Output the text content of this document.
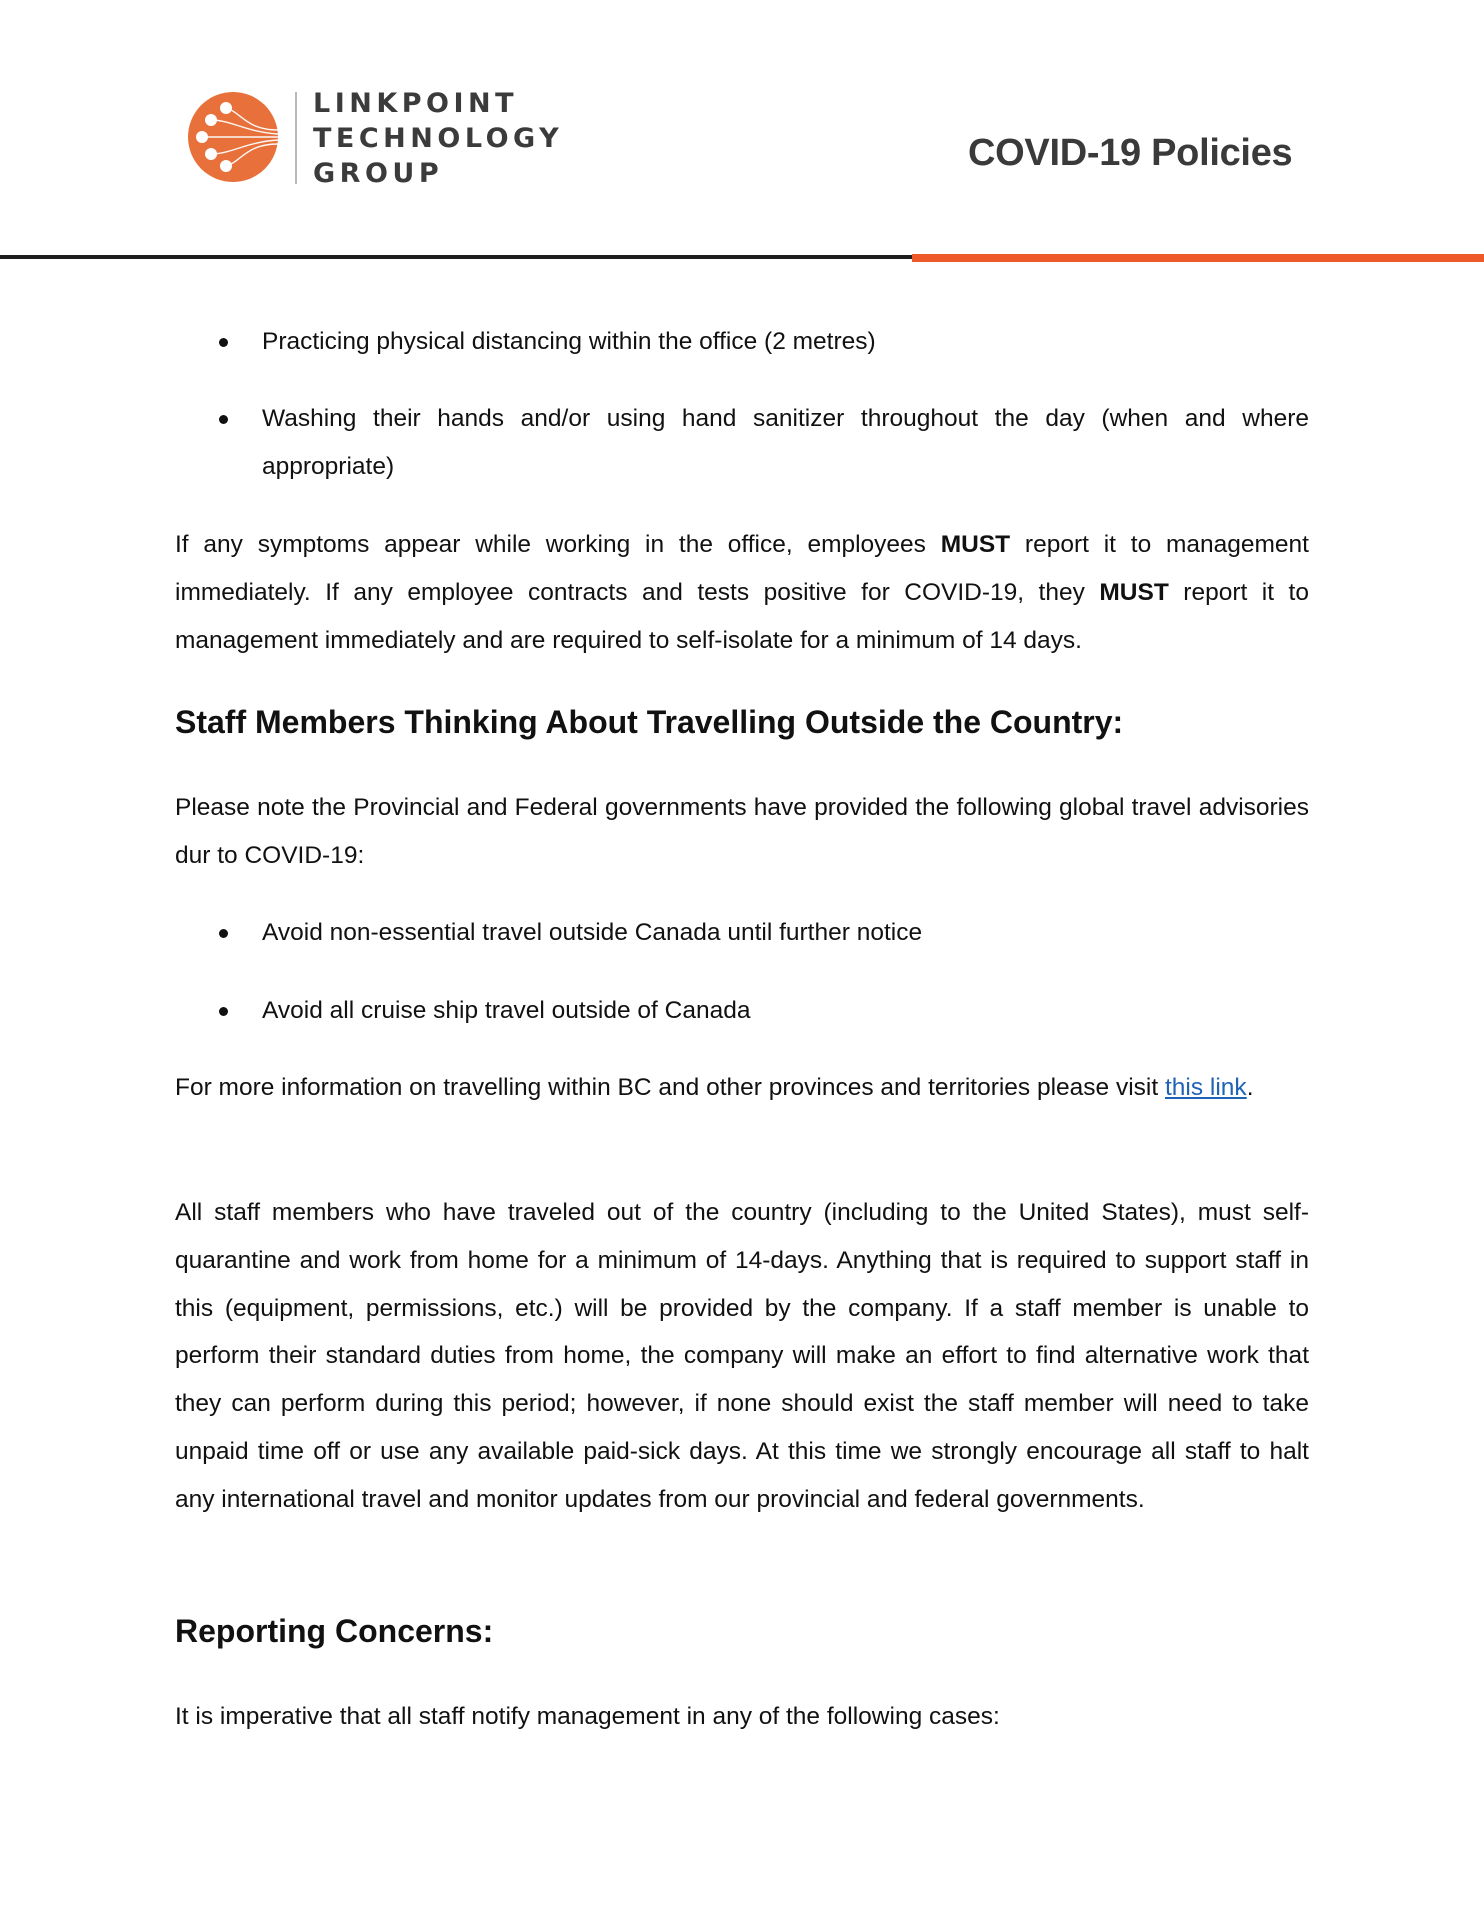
LINKPOINT
TECHNOLOGY
GROUP	COVID-19 Policies
Practicing physical distancing within the office (2 metres)
Washing their hands and/or using hand sanitizer throughout the day (when and where appropriate)

If any symptoms appear while working in the office, employees MUST report it to management immediately. If any employee contracts and tests positive for COVID-19, they MUST report it to management immediately and are required to self-isolate for a minimum of 14 days.

Staff Members Thinking About Travelling Outside the Country:

Please note the Provincial and Federal governments have provided the following global travel advisories dur to COVID-19:

Avoid non-essential travel outside Canada until further notice
Avoid all cruise ship travel outside of Canada

For more information on travelling within BC and other provinces and territories please visit this link.

All staff members who have traveled out of the country (including to the United States), must self-quarantine and work from home for a minimum of 14-days. Anything that is required to support staff in this (equipment, permissions, etc.) will be provided by the company. If a staff member is unable to perform their standard duties from home, the company will make an effort to find alternative work that they can perform during this period; however, if none should exist the staff member will need to take unpaid time off or use any available paid-sick days. At this time we strongly encourage all staff to halt any international travel and monitor updates from our provincial and federal governments.

Reporting Concerns:

It is imperative that all staff notify management in any of the following cases:
